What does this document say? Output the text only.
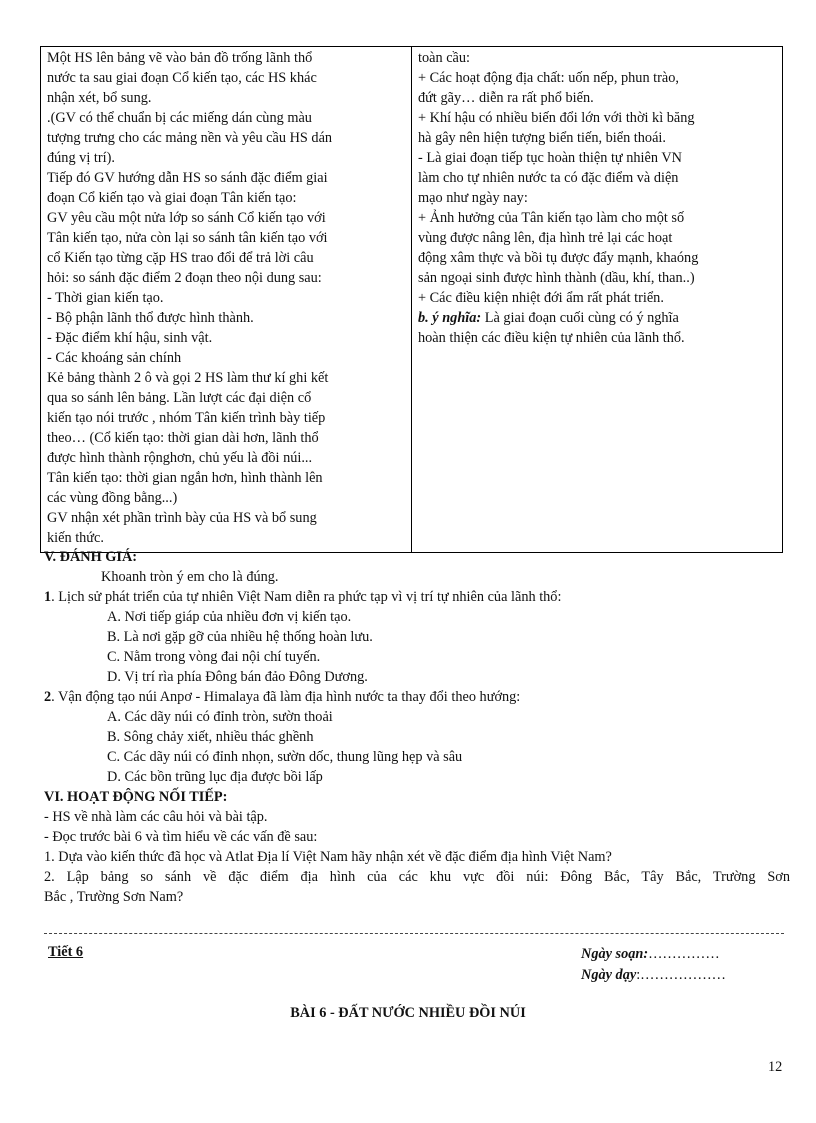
Một HS lên bảng vẽ vào bản đồ trống lãnh thổ
nước ta sau giai đoạn Cổ kiến tạo, các HS khác
nhận xét, bổ sung.
.(GV có thể chuẩn bị các miếng dán cùng màu
tượng trưng cho các mảng nền và yêu cầu HS dán
đúng vị trí).
Tiếp đó GV hướng dẫn HS so sánh đặc điểm giai
đoạn Cổ kiến tạo và giai đoạn Tân kiến tạo:
GV yêu cầu một nửa lớp so sánh Cổ kiến tạo với
Tân kiến tạo, nửa còn lại so sánh tân kiến tạo với
cổ Kiến tạo từng cặp HS trao đổi để trả lời câu
hỏi: so sánh đặc điểm 2 đoạn theo nội dung sau:
- Thời gian kiến tạo.
- Bộ phận lãnh thổ được hình thành.
- Đặc điểm khí hậu, sinh vật.
- Các khoáng sản chính
Kẻ bảng thành 2 ô và gọi 2 HS làm thư kí ghi kết
qua so sánh lên bảng. Lần lượt các đại diện cổ
kiến tạo nói trước , nhóm Tân kiến trình bày tiếp
theo… (Cổ kiến tạo: thời gian dài hơn, lãnh thổ
được hình thành rộnghơn, chủ yếu là đồi núi...
Tân kiến tạo: thời gian ngắn hơn, hình thành lên
các vùng đồng bằng...)
GV nhận xét phần trình bày của HS và bổ sung
kiến thức.

toàn cầu:
+ Các hoạt động địa chất: uốn nếp, phun trào,
đứt gãy… diễn ra rất phổ biến.
+ Khí hậu có nhiều biến đổi lớn với thời kì băng
hà gây nên hiện tượng biển tiến, biển thoái.
- Là giai đoạn tiếp tục hoàn thiện tự nhiên VN
làm cho tự nhiên nước ta có đặc điểm và diện
mạo như ngày nay:
+ Ảnh hưởng của Tân kiến tạo làm cho một số
vùng được nâng lên, địa hình trẻ lại các hoạt
động xâm thực và bồi tụ được đẩy mạnh, khaóng
sản ngoại sinh được hình thành (dầu, khí, than..)
+ Các điều kiện nhiệt đới ẩm rất phát triển.
b. ý nghĩa: Là giai đoạn cuối cùng có ý nghĩa
hoàn thiện các điều kiện tự nhiên của lãnh thổ.
V. ĐÁNH GIÁ:
Khoanh tròn ý em cho là đúng.
1. Lịch sử phát triển của tự nhiên Việt Nam diễn ra phức tạp vì vị trí tự nhiên của lãnh thổ:
A. Nơi tiếp giáp của nhiều đơn vị kiến tạo.
B. Là nơi gặp gỡ của nhiều hệ thống hoàn lưu.
C. Nằm trong vòng đai nội chí tuyến.
D. Vị trí rìa phía Đông bán đảo Đông Dương.
2. Vận động tạo núi Anpơ - Himalaya đã làm địa hình nước ta thay đổi theo hướng:
A. Các dãy núi có đỉnh tròn, sườn thoải
B. Sông chảy xiết, nhiều thác ghềnh
C. Các dãy núi có đỉnh nhọn, sườn dốc, thung lũng hẹp và sâu
D. Các bồn trũng lục địa được bồi lấp
VI. HOẠT ĐỘNG NỐI TIẾP:
- HS về nhà làm các câu hỏi và bài tập.
- Đọc trước bài 6 và tìm hiểu về các vấn đề sau:
1. Dựa vào kiến thức đã học và Atlat Địa lí Việt Nam hãy nhận xét về đặc điểm địa hình Việt Nam?
2. Lập bảng so sánh về đặc điểm địa hình của các khu vực đồi núi: Đông Bắc, Tây Bắc, Trường Sơn
Bắc , Trường Sơn Nam?
Tiết 6	Ngày soạn:……………
Ngày dạy:………………
BÀI 6 - ĐẤT NƯỚC NHIỀU ĐỒI NÚI
12
